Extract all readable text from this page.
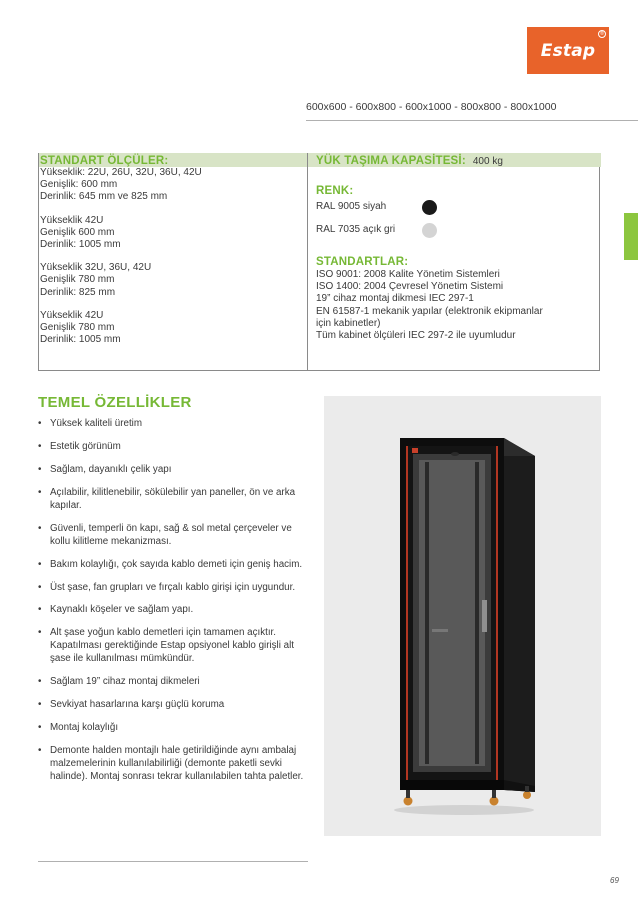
Estap
®
600x600 - 600x800 - 600x1000 - 800x800 - 800x1000
STANDART ÖLÇÜLER:
Yükseklik: 22U, 26U, 32U, 36U, 42U
Genişlik: 600 mm
Derinlik: 645 mm ve 825 mm
Yükseklik 42U
Genişlik 600 mm
Derinlik: 1005 mm
Yükseklik 32U, 36U, 42U
Genişlik 780 mm
Derinlik: 825 mm
Yükseklik 42U
Genişlik 780 mm
Derinlik: 1005 mm
YÜK TAŞIMA KAPASİTESİ: 400 kg
RENK:
RAL 9005 siyah
RAL 7035 açık gri
STANDARTLAR:
ISO 9001: 2008 Kalite Yönetim Sistemleri
ISO 1400: 2004 Çevresel Yönetim Sistemi
19” cihaz montaj dikmesi IEC 297-1
EN 61587-1 mekanik yapılar (elektronik ekipmanlar
için kabinetler)
Tüm kabinet ölçüleri IEC 297-2 ile uyumludur
TEMEL ÖZELLİKLER
• Yüksek kaliteli üretim
• Estetik görünüm
• Sağlam, dayanıklı çelik yapı
• Açılabilir, kilitlenebilir, sökülebilir yan paneller, ön ve arka kapılar.
• Güvenli, temperli ön kapı, sağ & sol metal çerçeveler ve kollu kilitleme mekanizması.
• Bakım kolaylığı, çok sayıda kablo demeti için geniş hacim.
• Üst şase, fan grupları ve fırçalı kablo girişi için uygundur.
• Kaynaklı köşeler ve sağlam yapı.
• Alt şase yoğun kablo demetleri için tamamen açıktır. Kapatılması gerektiğinde Estap opsiyonel kablo girişli alt şase ile kullanılması mümkündür.
• Sağlam 19” cihaz montaj dikmeleri
• Sevkiyat hasarlarına karşı güçlü koruma
• Montaj kolaylığı
• Demonte halden montajlı hale getirildiğinde aynı ambalaj malzemelerinin kullanılabilirliği (demonte paketli sevki halinde). Montaj sonrası tekrar kullanılabilen tahta paletler.
69
